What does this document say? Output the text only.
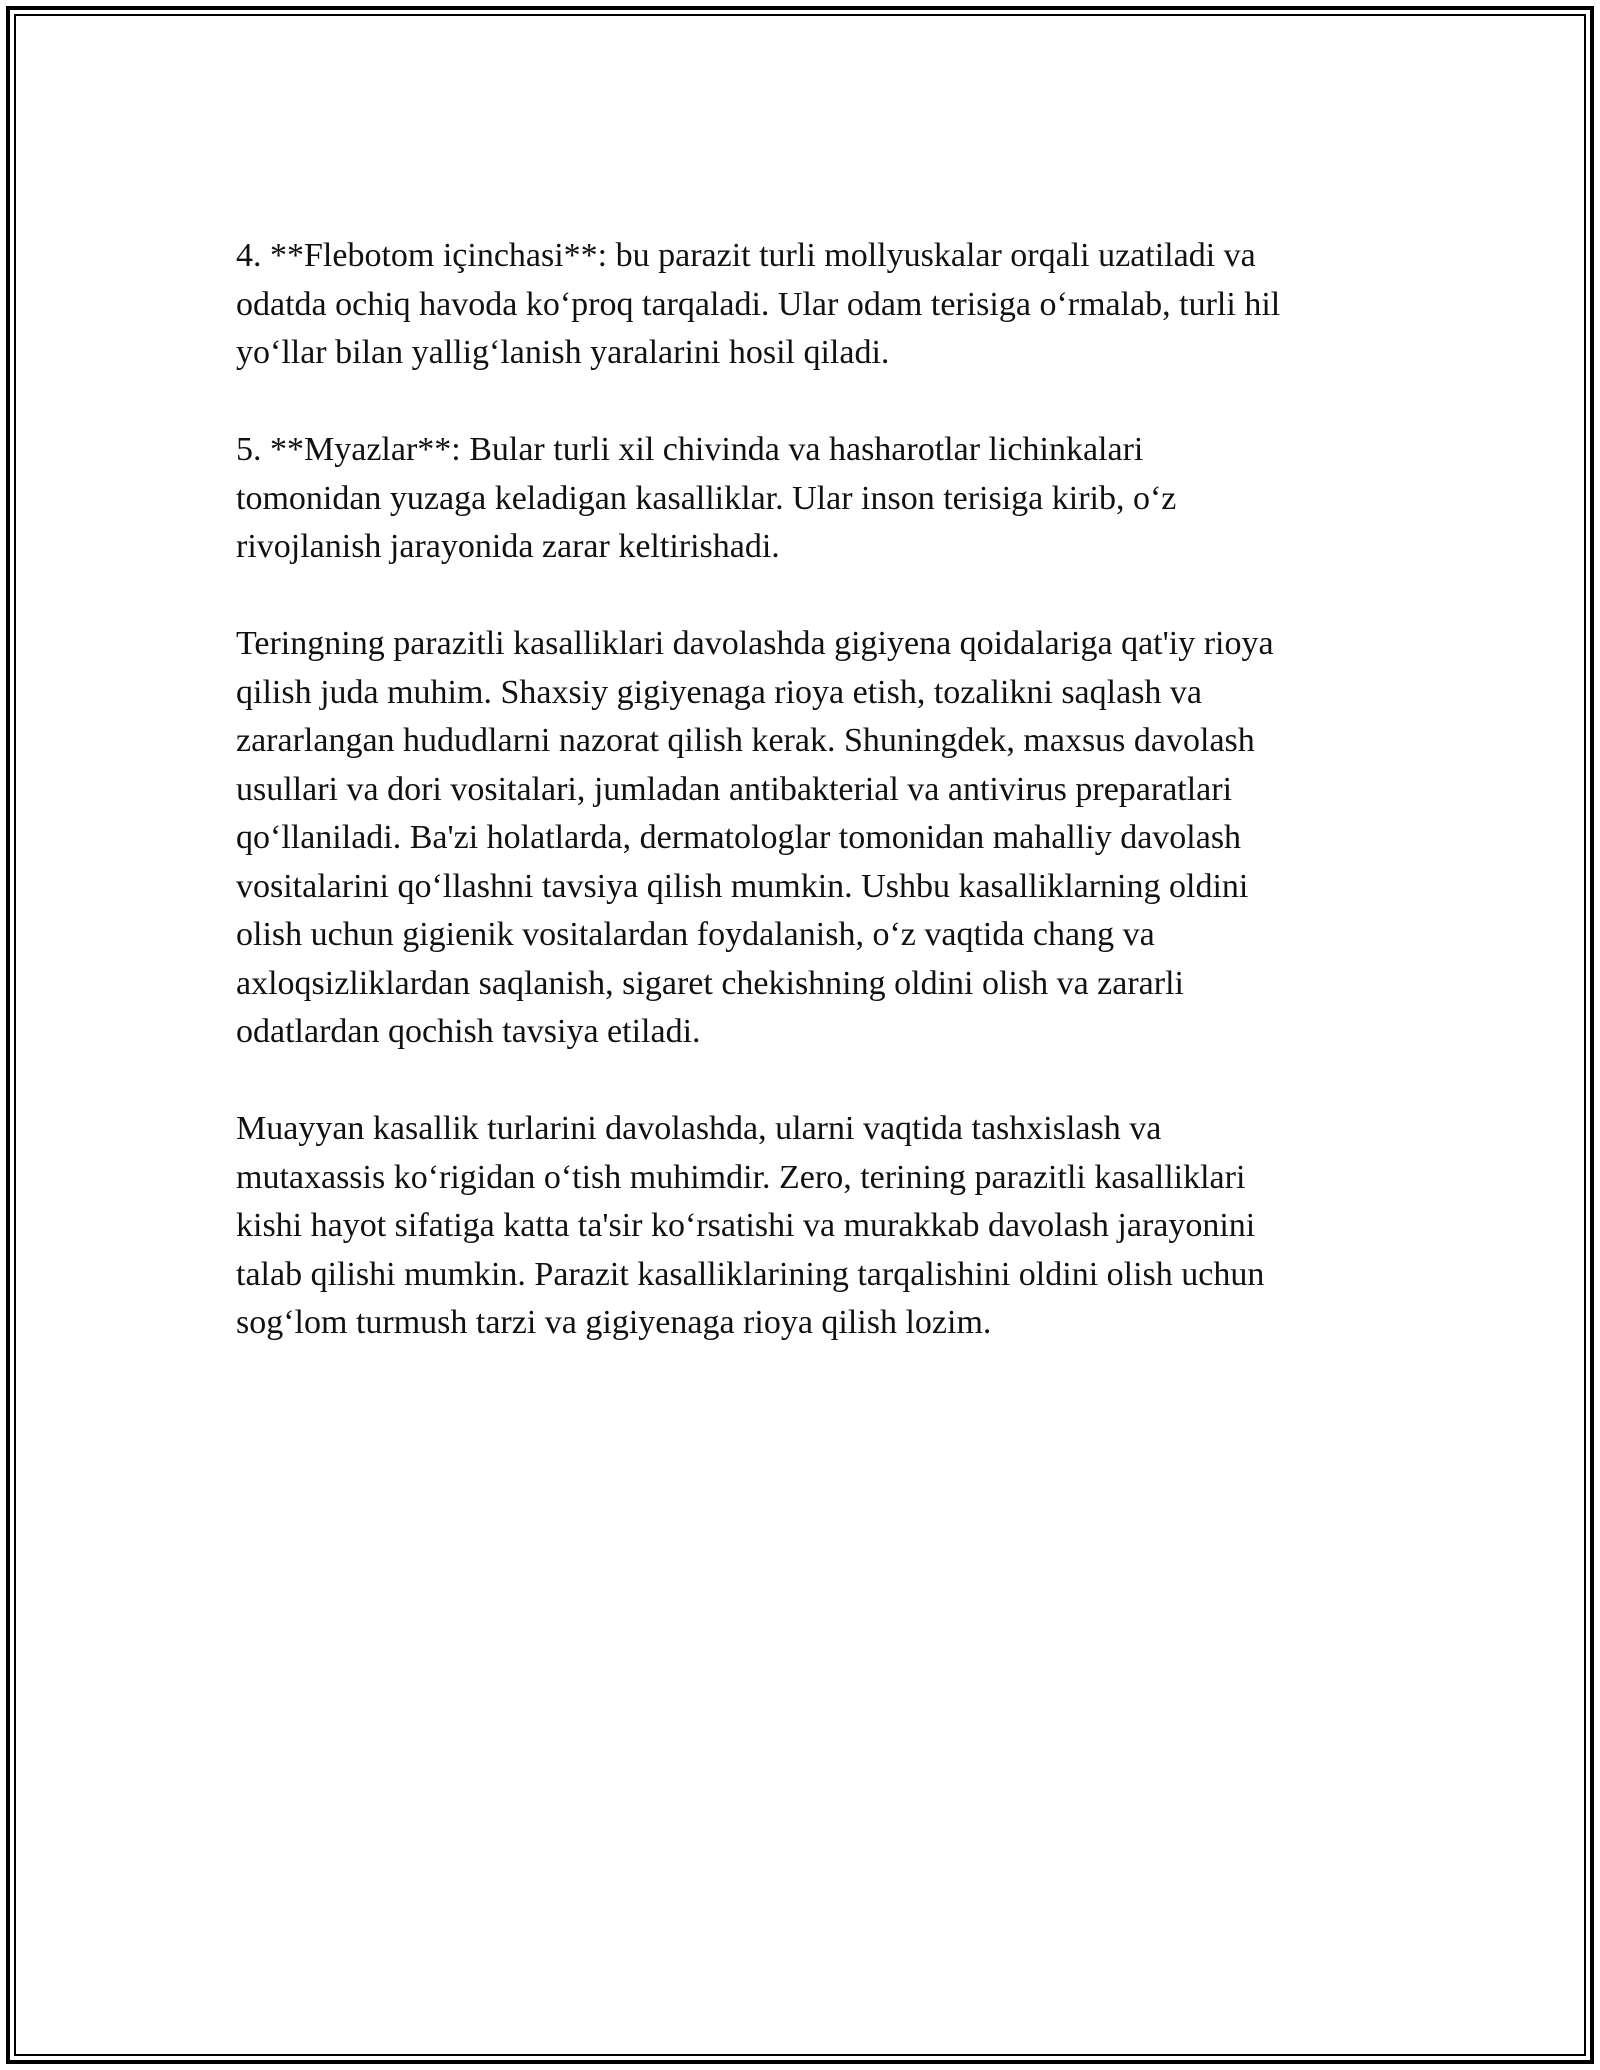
4. **Flebotom içinchasi**: bu parazit turli mollyuskalar orqali uzatiladi va
odatda ochiq havoda ko‘proq tarqaladi. Ular odam terisiga o‘rmalab, turli hil
yo‘llar bilan yallig‘lanish yaralarini hosil qiladi.

5. **Myazlar**: Bular turli xil chivinda va hasharotlar lichinkalari
tomonidan yuzaga keladigan kasalliklar. Ular inson terisiga kirib, o‘z
rivojlanish jarayonida zarar keltirishadi.

Teringning parazitli kasalliklari davolashda gigiyena qoidalariga qat'iy rioya
qilish juda muhim. Shaxsiy gigiyenaga rioya etish, tozalikni saqlash va
zararlangan hududlarni nazorat qilish kerak. Shuningdek, maxsus davolash
usullari va dori vositalari, jumladan antibakterial va antivirus preparatlari
qo‘llaniladi. Ba'zi holatlarda, dermatologlar tomonidan mahalliy davolash
vositalarini qo‘llashni tavsiya qilish mumkin. Ushbu kasalliklarning oldini
olish uchun gigienik vositalardan foydalanish, o‘z vaqtida chang va
axloqsizliklardan saqlanish, sigaret chekishning oldini olish va zararli
odatlardan qochish tavsiya etiladi.

Muayyan kasallik turlarini davolashda, ularni vaqtida tashxislash va
mutaxassis ko‘rigidan o‘tish muhimdir. Zero, terining parazitli kasalliklari
kishi hayot sifatiga katta ta'sir ko‘rsatishi va murakkab davolash jarayonini
talab qilishi mumkin. Parazit kasalliklarining tarqalishini oldini olish uchun
sog‘lom turmush tarzi va gigiyenaga rioya qilish lozim.
